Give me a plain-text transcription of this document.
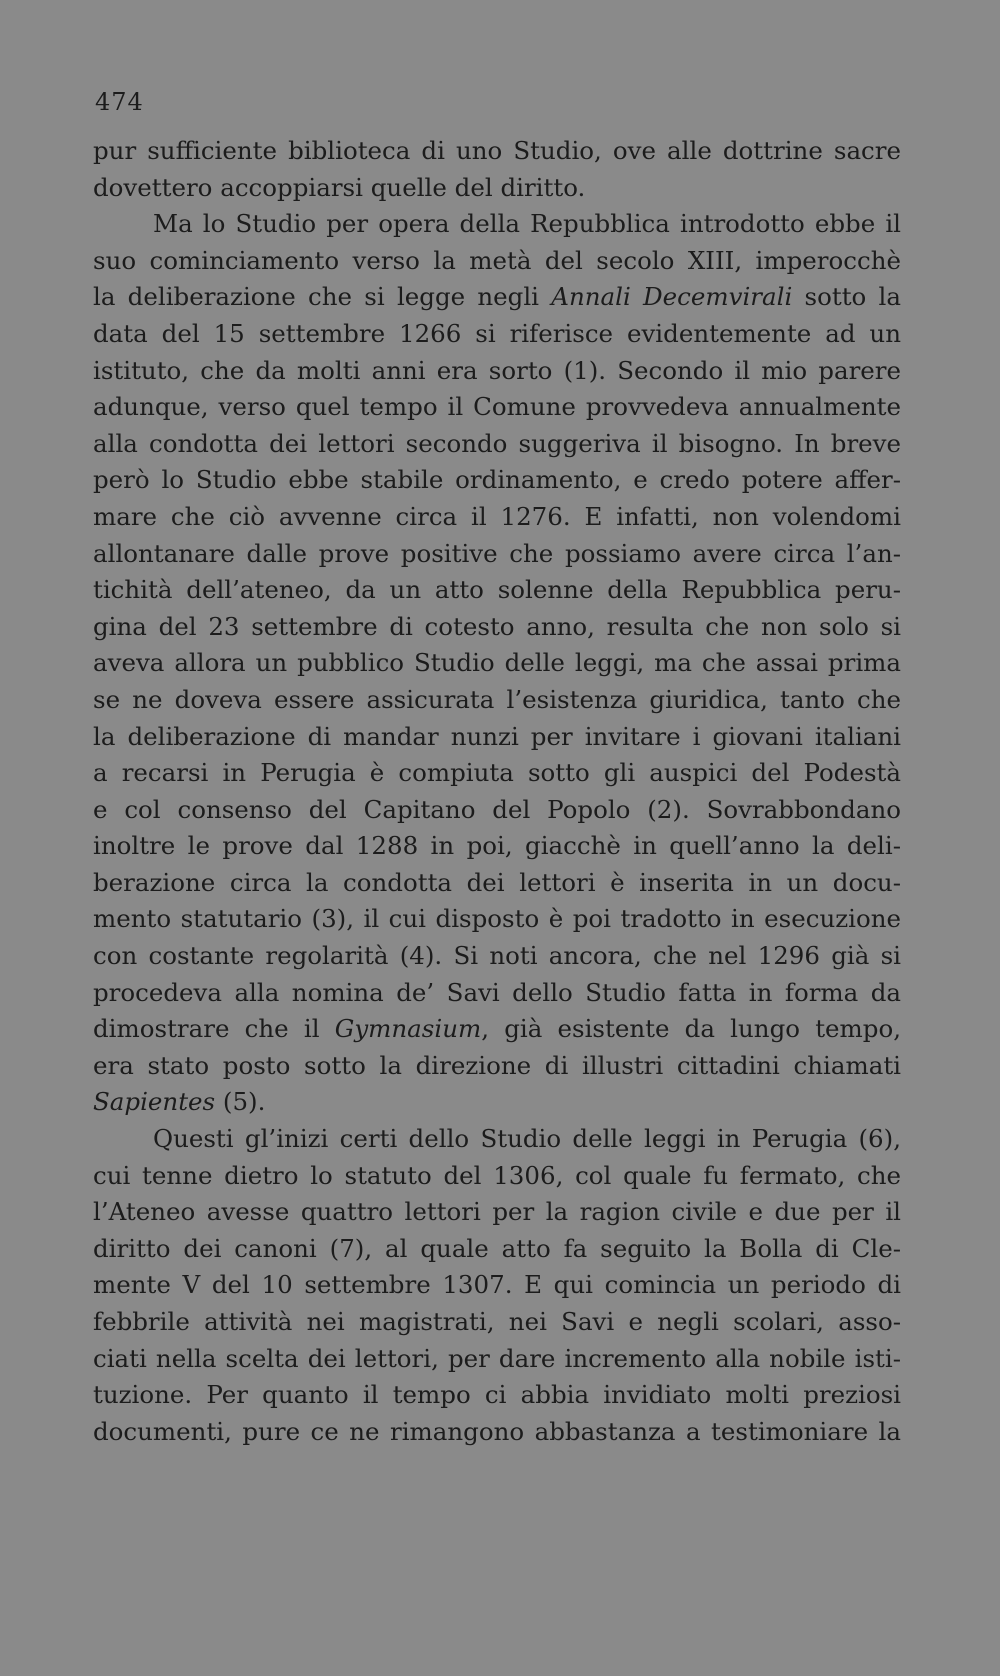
474
pur sufficiente biblioteca di uno Studio, ove alle dottrine sacre
dovettero accoppiarsi quelle del diritto.
Ma lo Studio per opera della Repubblica introdotto ebbe il
suo cominciamento verso la metà del secolo XIII, imperocchè
la deliberazione che si legge negli Annali Decemvirali sotto la
data del 15 settembre 1266 si riferisce evidentemente ad un
istituto, che da molti anni era sorto (1). Secondo il mio parere
adunque, verso quel tempo il Comune provvedeva annualmente
alla condotta dei lettori secondo suggeriva il bisogno. In breve
però lo Studio ebbe stabile ordinamento, e credo potere affer-
mare che ciò avvenne circa il 1276. E infatti, non volendomi
allontanare dalle prove positive che possiamo avere circa l’an-
tichità dell’ateneo, da un atto solenne della Repubblica peru-
gina del 23 settembre di cotesto anno, resulta che non solo si
aveva allora un pubblico Studio delle leggi, ma che assai prima
se ne doveva essere assicurata l’esistenza giuridica, tanto che
la deliberazione di mandar nunzi per invitare i giovani italiani
a recarsi in Perugia è compiuta sotto gli auspici del Podestà
e col consenso del Capitano del Popolo (2). Sovrabbondano
inoltre le prove dal 1288 in poi, giacchè in quell’anno la deli-
berazione circa la condotta dei lettori è inserita in un docu-
mento statutario (3), il cui disposto è poi tradotto in esecuzione
con costante regolarità (4). Si noti ancora, che nel 1296 già si
procedeva alla nomina de’ Savi dello Studio fatta in forma da
dimostrare che il Gymnasium, già esistente da lungo tempo,
era stato posto sotto la direzione di illustri cittadini chiamati
Sapientes (5).
Questi gl’inizi certi dello Studio delle leggi in Perugia (6),
cui tenne dietro lo statuto del 1306, col quale fu fermato, che
l’Ateneo avesse quattro lettori per la ragion civile e due per il
diritto dei canoni (7), al quale atto fa seguito la Bolla di Cle-
mente V del 10 settembre 1307. E qui comincia un periodo di
febbrile attività nei magistrati, nei Savi e negli scolari, asso-
ciati nella scelta dei lettori, per dare incremento alla nobile isti-
tuzione. Per quanto il tempo ci abbia invidiato molti preziosi
documenti, pure ce ne rimangono abbastanza a testimoniare la
